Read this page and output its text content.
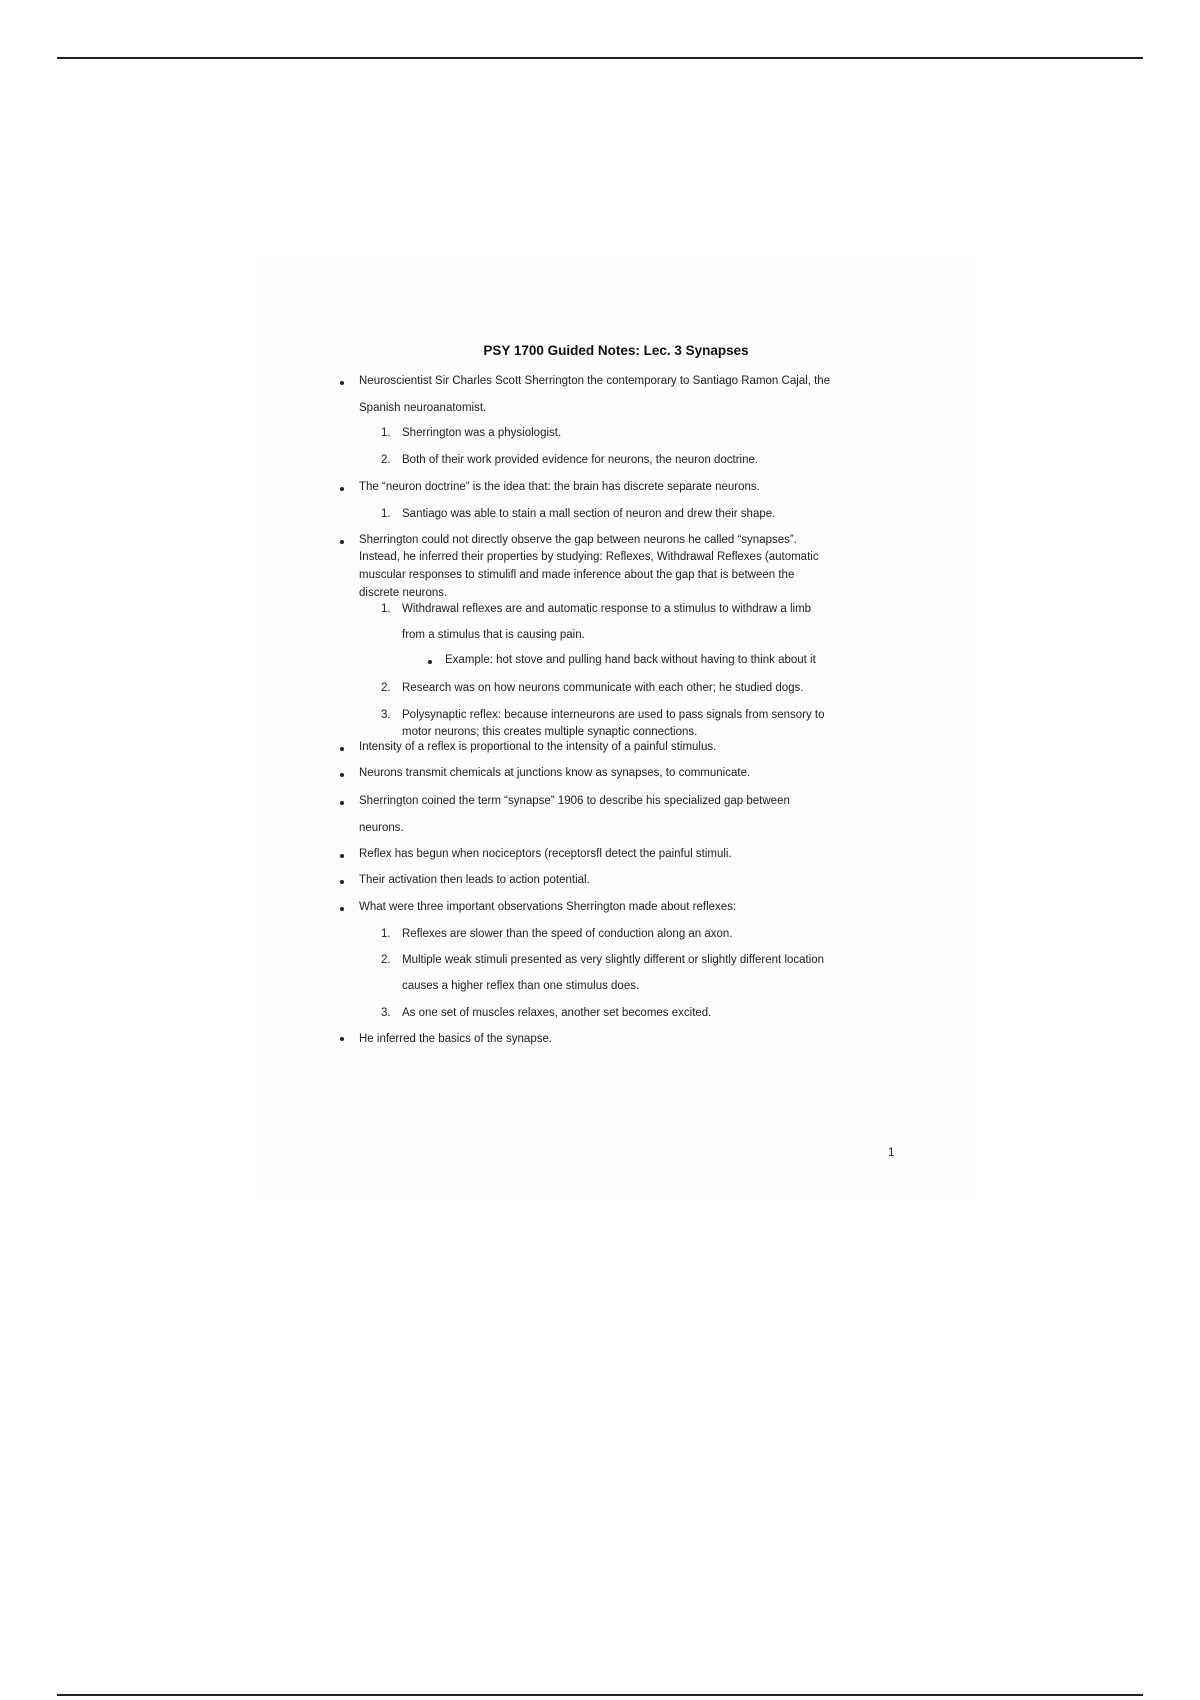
PSY 1700 Guided Notes: Lec. 3 Synapses
1.
2.
1.
1.
2.
3.
1.
2.
3.
Neuroscientist Sir Charles Scott Sherrington the contemporary to Santiago Ramon Cajal, the
Spanish neuroanatomist.
Sherrington was a physiologist.
Both of their work provided evidence for neurons, the neuron doctrine.
The “neuron doctrine” is the idea that: the brain has discrete separate neurons.
Santiago was able to stain a mall section of neuron and drew their shape.
Sherrington could not directly observe the gap between neurons he called “synapses”.
Instead, he inferred their properties by studying: Reflexes, Withdrawal Reflexes (automatic
muscular responses to stimulifl and made inference about the gap that is between the
discrete neurons.
Withdrawal reflexes are and automatic response to a stimulus to withdraw a limb
from a stimulus that is causing pain.
Example: hot stove and pulling hand back without having to think about it
Research was on how neurons communicate with each other; he studied dogs.
Polysynaptic reflex: because interneurons are used to pass signals from sensory to
motor neurons; this creates multiple synaptic connections.
Intensity of a reflex is proportional to the intensity of a painful stimulus.
Neurons transmit chemicals at junctions know as synapses, to communicate.
Sherrington coined the term “synapse” 1906 to describe his specialized gap between
neurons.
Reflex has begun when nociceptors (receptorsfl detect the painful stimuli.
Their activation then leads to action potential.
What were three important observations Sherrington made about reflexes:
Reflexes are slower than the speed of conduction along an axon.
Multiple weak stimuli presented as very slightly different or slightly different location
causes a higher reflex than one stimulus does.
As one set of muscles relaxes, another set becomes excited.
He inferred the basics of the synapse.
1
